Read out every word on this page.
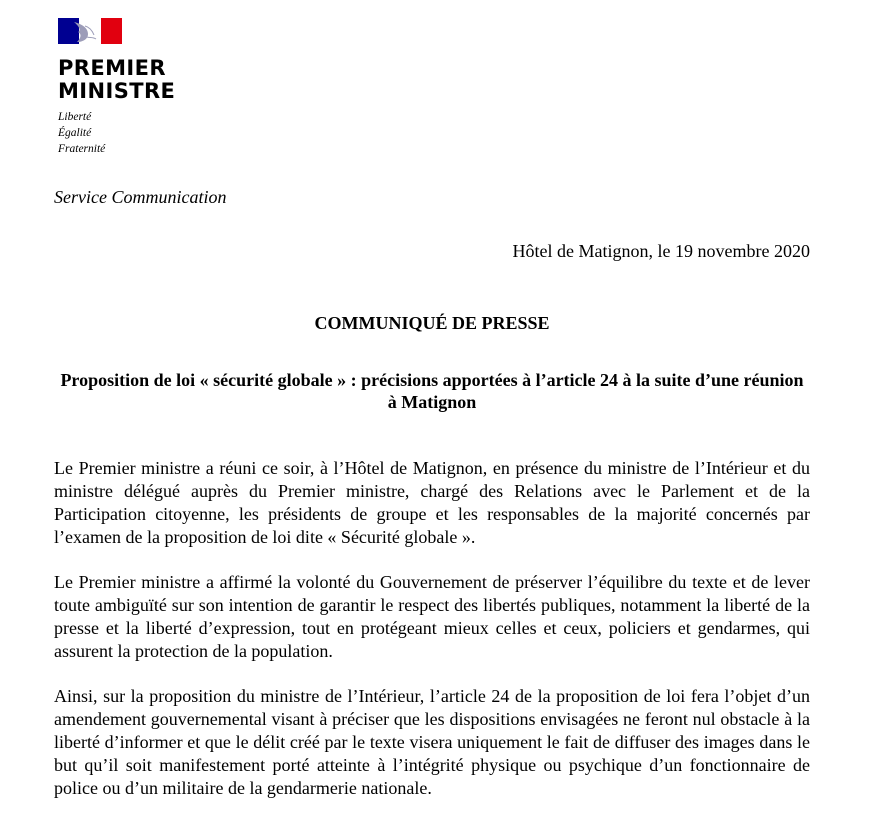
PREMIER
MINISTRE
Liberté
Égalité
Fraternité
Service Communication
Hôtel de Matignon, le 19 novembre 2020
COMMUNIQUÉ DE PRESSE
Proposition de loi « sécurité globale » : précisions apportées à l’article 24 à la suite d’une réunion à Matignon

Le Premier ministre a réuni ce soir, à l’Hôtel de Matignon, en présence du ministre de l’Intérieur et du ministre délégué auprès du Premier ministre, chargé des Relations avec le Parlement et de la Participation citoyenne, les présidents de groupe et les responsables de la majorité concernés par l’examen de la proposition de loi dite « Sécurité globale ».

Le Premier ministre a affirmé la volonté du Gouvernement de préserver l’équilibre du texte et de lever toute ambiguïté sur son intention de garantir le respect des libertés publiques, notamment la liberté de la presse et la liberté d’expression, tout en protégeant mieux celles et ceux, policiers et gendarmes, qui assurent la protection de la population.

Ainsi, sur la proposition du ministre de l’Intérieur, l’article 24 de la proposition de loi fera l’objet d’un amendement gouvernemental visant à préciser que les dispositions envisagées ne feront nul obstacle à la liberté d’informer et que le délit créé par le texte visera uniquement le fait de diffuser des images dans le but qu’il soit manifestement porté atteinte à l’intégrité physique ou psychique d’un fonctionnaire de police ou d’un militaire de la gendarmerie nationale.
